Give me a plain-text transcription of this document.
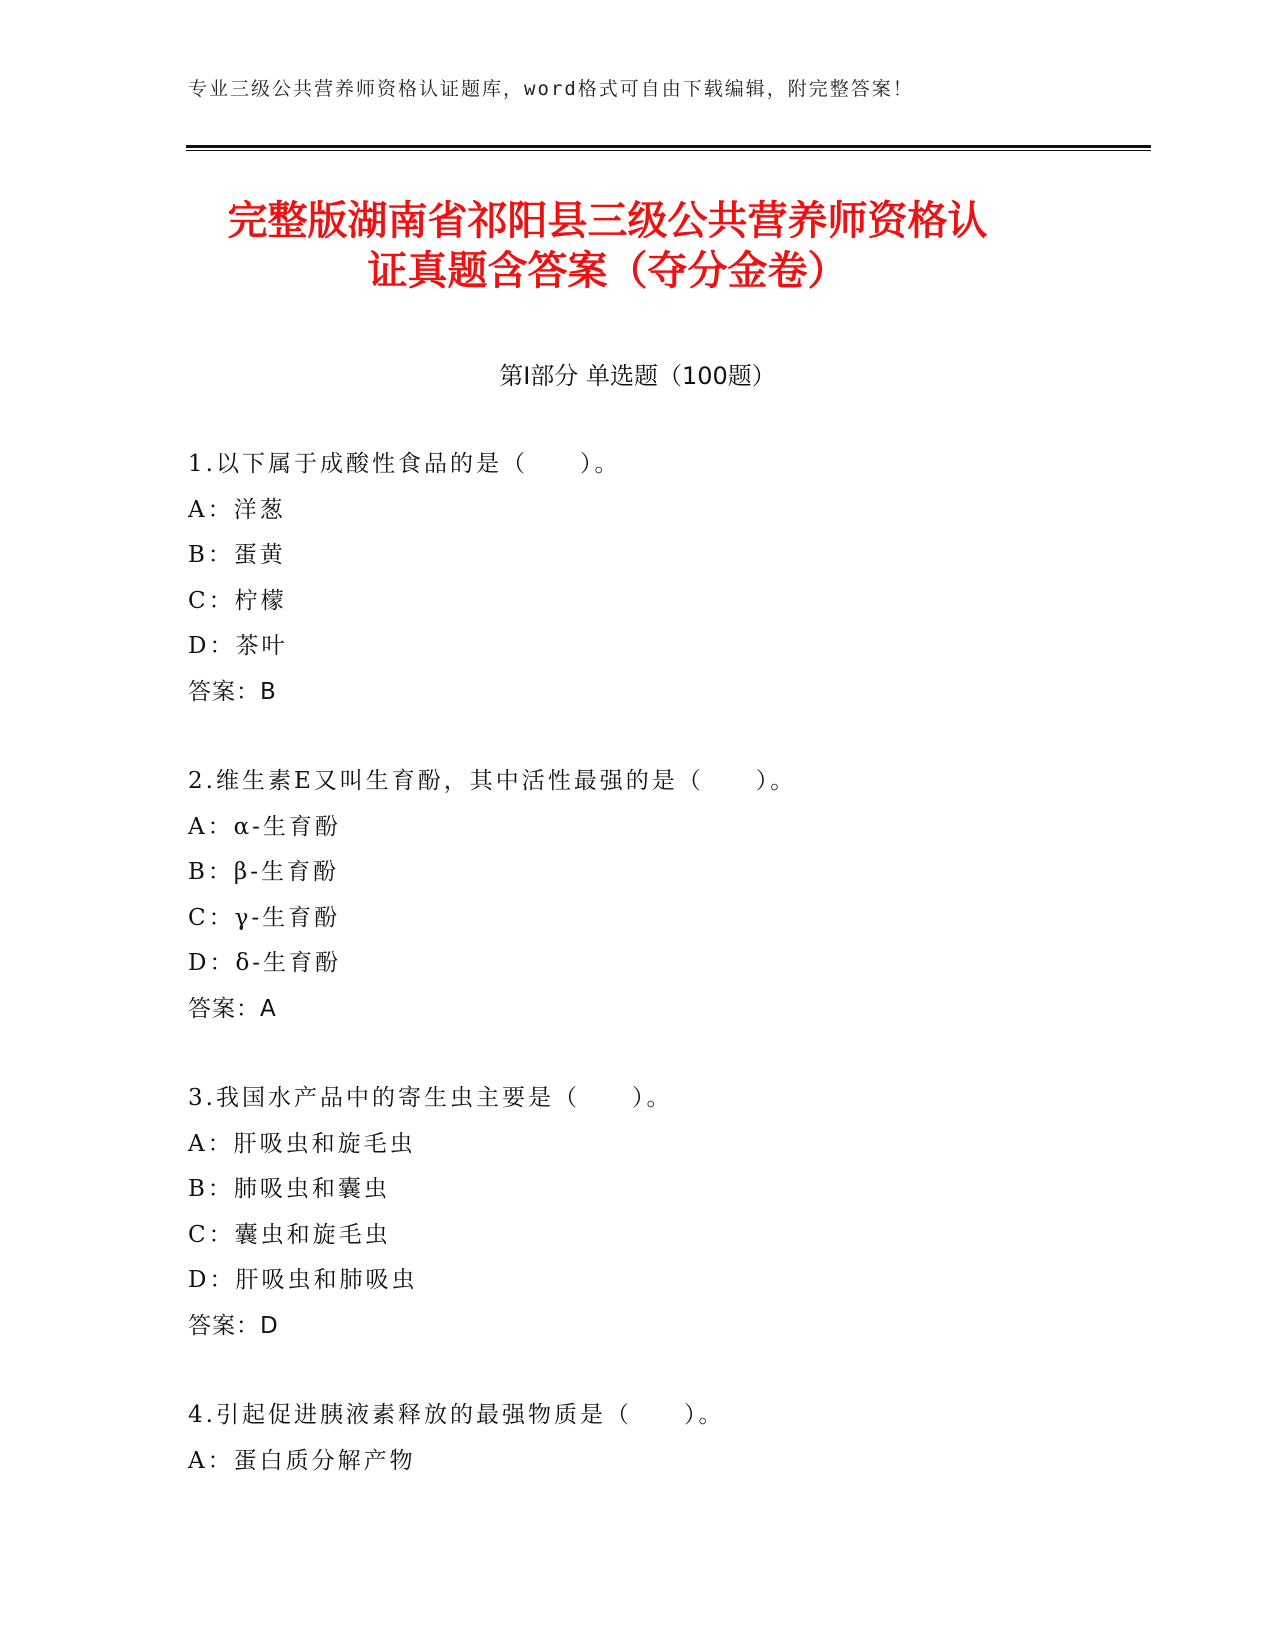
专业三级公共营养师资格认证题库，word格式可自由下载编辑，附完整答案！
完整版湖南省祁阳县三级公共营养师资格认
证真题含答案（夺分金卷）
第Ⅰ部分 单选题（100题）
1.以下属于成酸性食品的是（　　）。
A：洋葱
B：蛋黄
C：柠檬
D：茶叶
答案：B
2.维生素E又叫生育酚，其中活性最强的是（　　）。
A：α-生育酚
B：β-生育酚
C：γ-生育酚
D：δ-生育酚
答案：A
3.我国水产品中的寄生虫主要是（　　）。
A：肝吸虫和旋毛虫
B：肺吸虫和囊虫
C：囊虫和旋毛虫
D：肝吸虫和肺吸虫
答案：D
4.引起促进胰液素释放的最强物质是（　　）。
A：蛋白质分解产物
